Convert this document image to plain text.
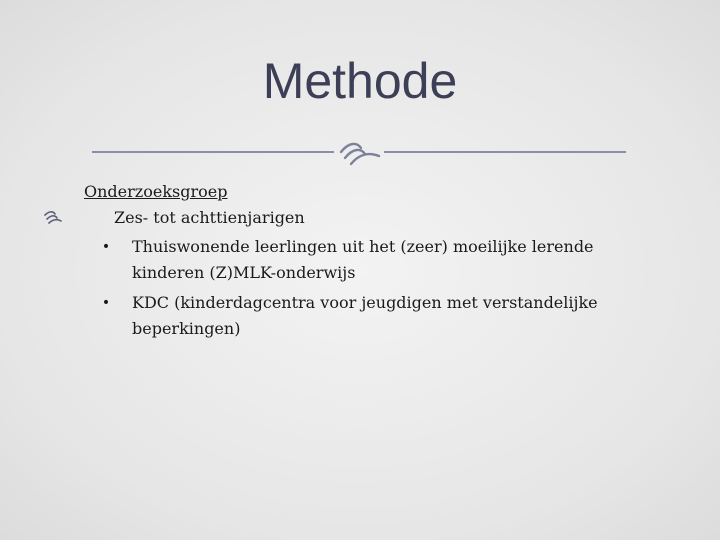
Methode
Onderzoeksgroep
Zes- tot achttienjarigen
• Thuiswonende leerlingen uit het (zeer) moeilijke lerende kinderen (Z)MLK-onderwijs
• KDC (kinderdagcentra voor jeugdigen met verstandelijke beperkingen)
